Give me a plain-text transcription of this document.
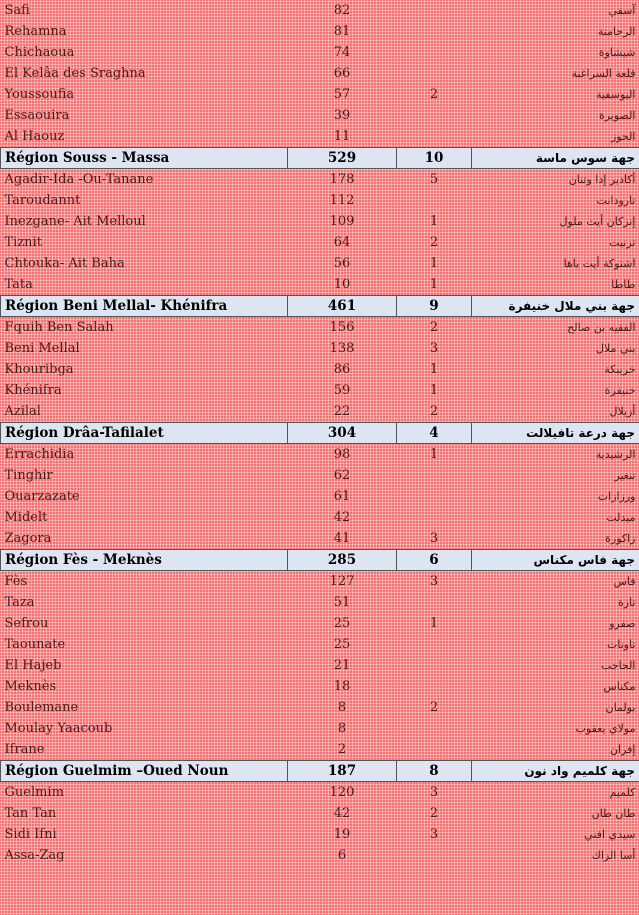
Safi	82		آسفي
Rehamna	81		الرحامنة
Chichaoua	74		شيشاوة
El Kelâa des Sraghna	66		قلعة السراغنة
Youssoufia	57	2	اليوسفية
Essaouira	39		الصويرة
Al Haouz	11		الحوز
Région Souss - Massa	529	10	جهة سوس ماسة
Agadir-Ida -Ou-Tanane	178	5	أكادير إدا وتنان
Taroudannt	112		تارودانت
Inezgane- Ait Melloul	109	1	إنزكان أيت ملول
Tiznit	64	2	تزنيت
Chtouka- Ait Baha	56	1	اشتوكة أيت باها
Tata	10	1	طاطا
Région Beni Mellal- Khénifra	461	9	جهة بني ملال خنيفرة
Fquih Ben Salah	156	2	الفقيه بن صالح
Beni Mellal	138	3	بني ملال
Khouribga	86	1	خريبكة
Khénifra	59	1	خنيفرة
Azilal	22	2	أزيلال
Région Drâa-Tafilalet	304	4	جهة درعة تافيلالت
Errachidia	98	1	الرشيدية
Tinghir	62		تنغير
Ouarzazate	61		ورزازات
Midelt	42		ميدلت
Zagora	41	3	زاكورة
Région Fès - Meknès	285	6	جهة فاس مكناس
Fès	127	3	فاس
Taza	51		تازة
Sefrou	25	1	صفرو
Taounate	25		تاونات
El Hajeb	21		الحاجب
Meknès	18		مكناس
Boulemane	8	2	بولمان
Moulay Yaacoub	8		مولاي يعقوب
Ifrane	2		إفران
Région Guelmim –Oued Noun	187	8	جهة كلميم واد نون
Guelmim	120	3	كلميم
Tan Tan	42	2	طان طان
Sidi Ifni	19	3	سيدي افني
Assa-Zag	6		أسا الزاك
